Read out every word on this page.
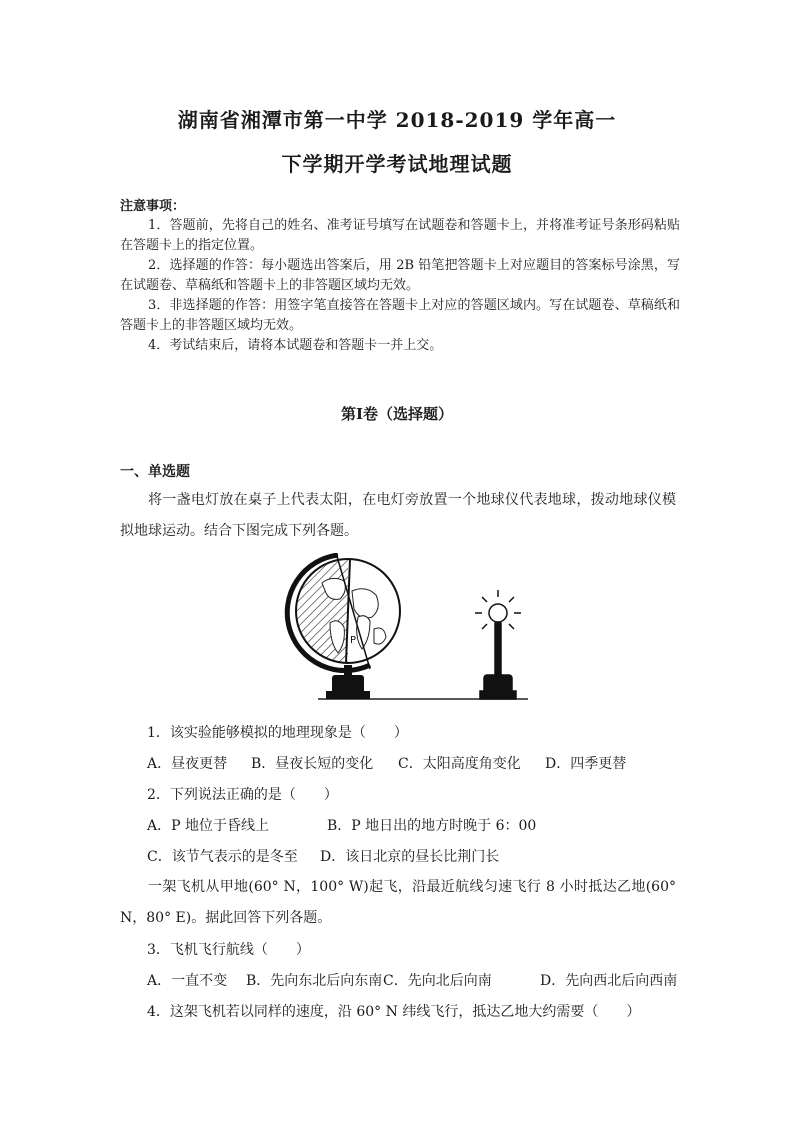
湖南省湘潭市第一中学 2018-2019 学年高一
下学期开学考试地理试题
注意事项：
1．答题前，先将自己的姓名、准考证号填写在试题卷和答题卡上，并将准考证号条形码粘贴在答题卡上的指定位置。
2．选择题的作答：每小题选出答案后，用 2B 铅笔把答题卡上对应题目的答案标号涂黑，写在试题卷、草稿纸和答题卡上的非答题区域均无效。
3．非选择题的作答：用签字笔直接答在答题卡上对应的答题区域内。写在试题卷、草稿纸和答题卡上的非答题区域均无效。
4．考试结束后，请将本试题卷和答题卡一并上交。
第Ⅰ卷（选择题）
一、单选题

将一盏电灯放在桌子上代表太阳，在电灯旁放置一个地球仪代表地球，拨动地球仪模拟地球运动。结合下图完成下列各题。

P
1．该实验能够模拟的地理现象是（　　）
A．昼夜更替 B．昼夜长短的变化 C．太阳高度角变化 D．四季更替
2．下列说法正确的是（　　）
A．P 地位于昏线上	B．P 地日出的地方时晚于 6：00
C．该节气表示的是冬至 D．该日北京的昼长比荆门长

一架飞机从甲地(60° N，100° W)起飞，沿最近航线匀速飞行 8 小时抵达乙地(60° N，80° E)。据此回答下列各题。

3．飞机飞行航线（　　）
A．一直不变 B．先向东北后向东南 C．先向北后向南	D．先向西北后向西南
4．这架飞机若以同样的速度，沿 60° N 纬线飞行，抵达乙地大约需要（　　）
